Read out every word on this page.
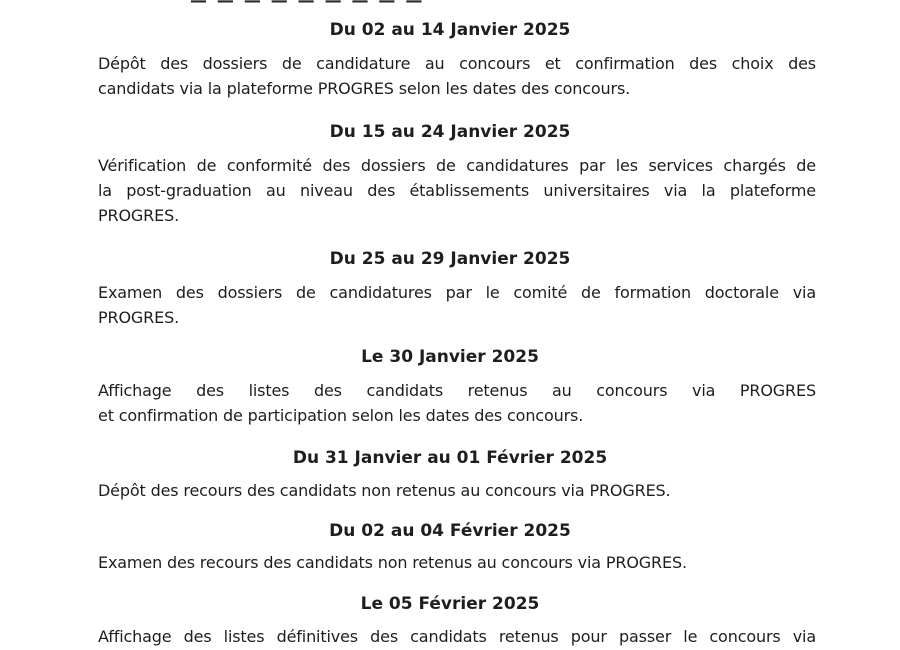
— — — — — — — — —
Du 02 au 14 Janvier 2025
Dépôt des dossiers de candidature au concours et confirmation des choix des
candidats via la plateforme PROGRES selon les dates des concours.
Du 15 au 24 Janvier 2025
Vérification de conformité des dossiers de candidatures par les services chargés de
la post-graduation au niveau des établissements universitaires via la plateforme
PROGRES.
Du 25 au 29 Janvier 2025
Examen des dossiers de candidatures par le comité de formation doctorale via
PROGRES.
Le 30 Janvier 2025
Affichage des listes des candidats retenus au concours via PROGRES
et confirmation de participation selon les dates des concours.
Du 31 Janvier au 01 Février 2025
Dépôt des recours des candidats non retenus au concours via PROGRES.
Du 02 au 04 Février 2025
Examen des recours des candidats non retenus au concours via PROGRES.
Le 05 Février 2025
Affichage des listes définitives des candidats retenus pour passer le concours via
